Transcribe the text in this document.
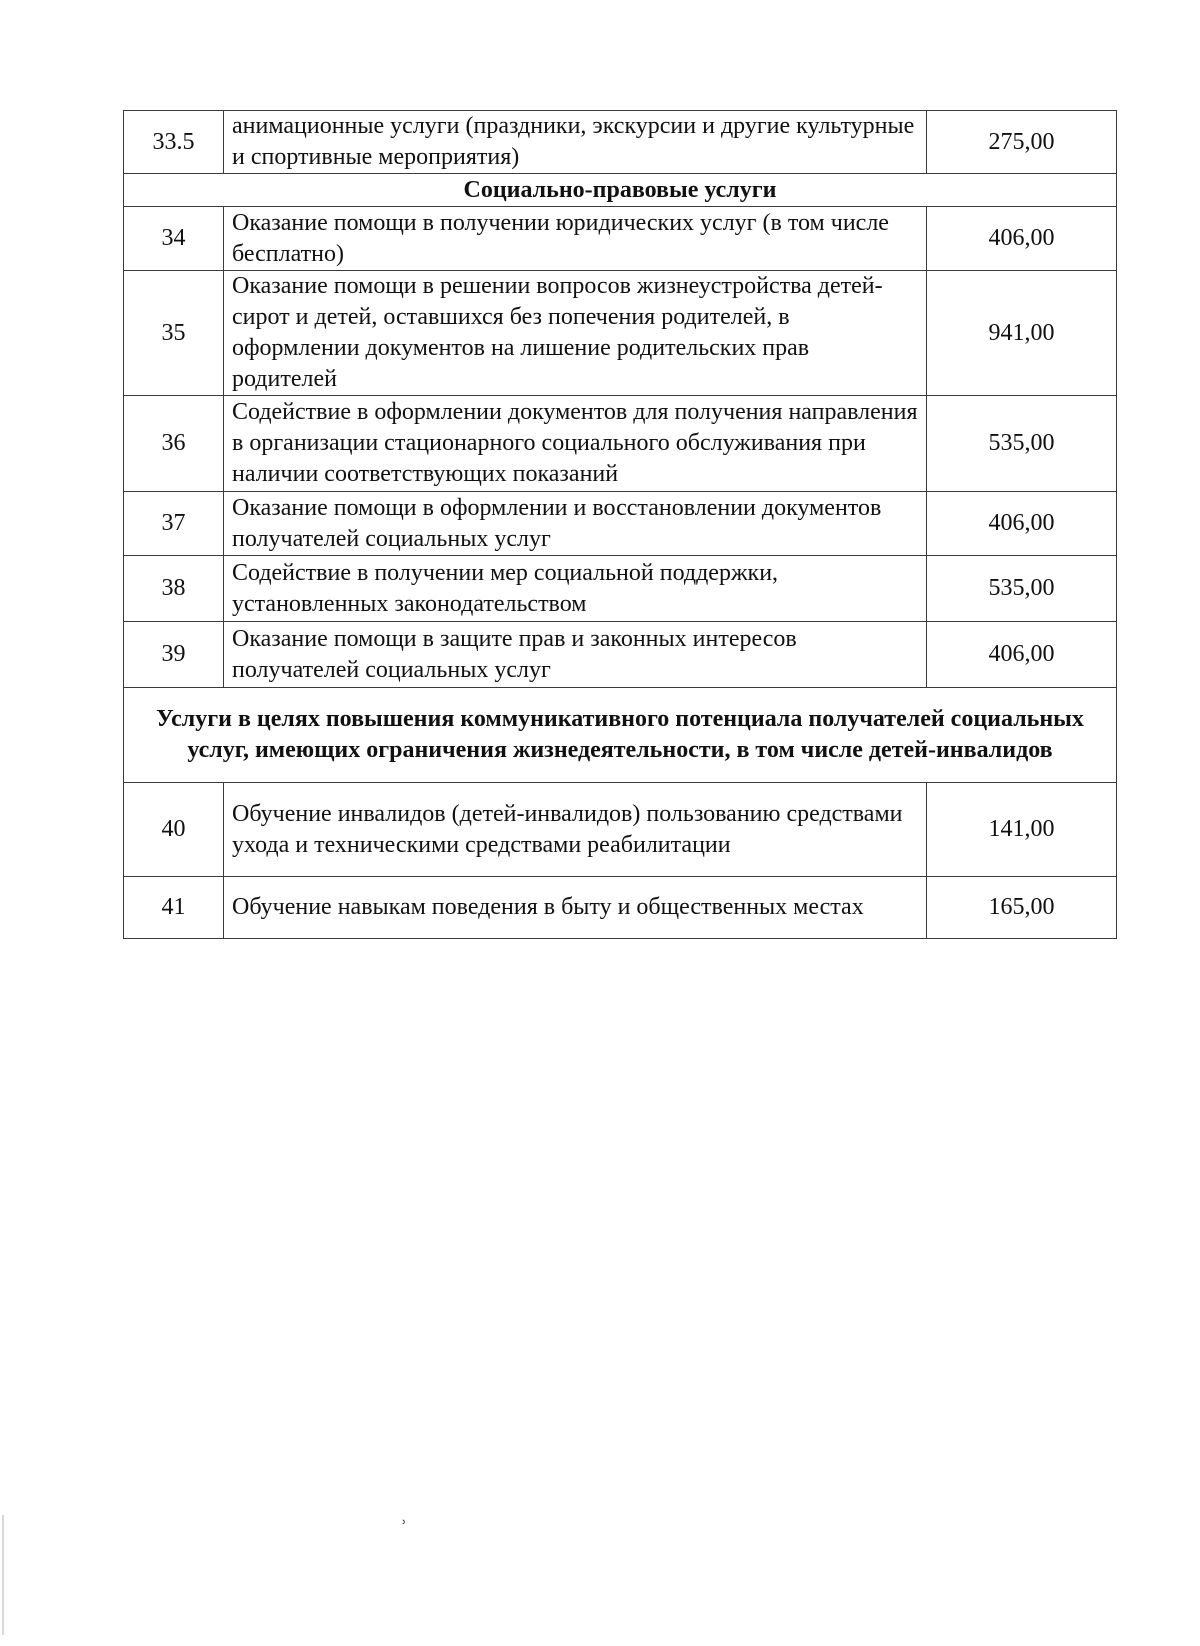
33.5	анимационные услуги (праздники, экскурсии и другие культурные и спортивные мероприятия)	275,00
Социально-правовые услуги		
34	Оказание помощи в получении юридических услуг (в том числе бесплатно)	406,00
35	Оказание помощи в решении вопросов жизнеустройства детей-сирот и детей, оставшихся без попечения родителей, в оформлении документов на лишение родительских прав родителей	941,00
36	Содействие в оформлении документов для получения направления в организации стационарного социального обслуживания при наличии соответствующих показаний	535,00
37	Оказание помощи в оформлении и восстановлении документов получателей социальных услуг	406,00
38	Содействие в получении мер социальной поддержки, установленных законодательством	535,00
39	Оказание помощи в защите прав и законных интересов получателей социальных услуг	406,00
Услуги в целях повышения коммуникативного потенциала получателей социальных услуг, имеющих ограничения жизнедеятельности, в том числе детей-инвалидов		
40	Обучение инвалидов (детей-инвалидов) пользованию средствами ухода и техническими средствами реабилитации	141,00
41	Обучение навыкам поведения в быту и общественных местах	165,00
˒
